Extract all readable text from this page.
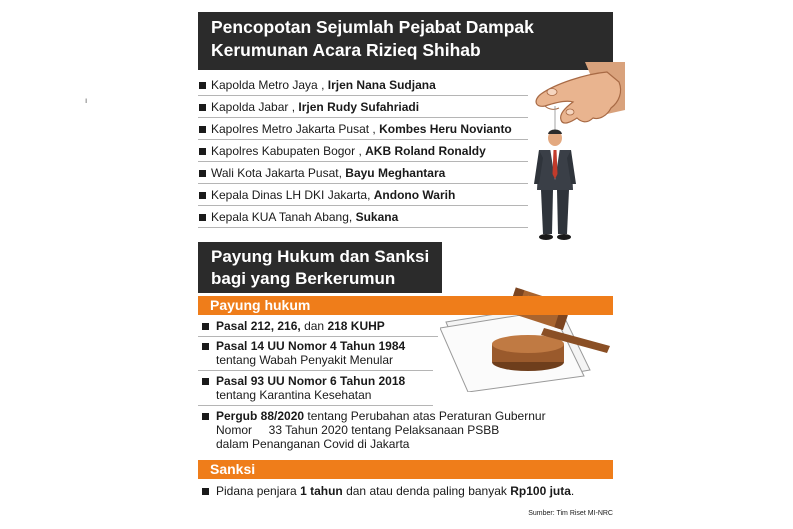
ı
Pencopotan Sejumlah Pejabat Dampak
Kerumunan Acara Rizieq Shihab
Kapolda Metro Jaya , Irjen Nana Sudjana
Kapolda Jabar , Irjen Rudy Sufahriadi
Kapolres Metro Jakarta Pusat , Kombes Heru Novianto
Kapolres Kabupaten Bogor , AKB Roland Ronaldy
Wali Kota Jakarta Pusat, Bayu Meghantara
Kepala Dinas LH DKI Jakarta, Andono Warih
Kepala KUA Tanah Abang, Sukana
Payung Hukum dan Sanksi
bagi yang Berkerumun
Payung hukum
Pasal 212, 216, dan 218 KUHP
Pasal 14 UU Nomor 4 Tahun 1984
tentang Wabah Penyakit Menular
Pasal 93 UU Nomor 6 Tahun 2018
tentang Karantina Kesehatan
Pergub 88/2020 tentang Perubahan atas Peraturan Gubernur
Nomor     33 Tahun 2020 tentang Pelaksanaan PSBB
dalam Penanganan Covid di Jakarta
Sanksi
Pidana penjara 1 tahun dan atau denda paling banyak Rp100 juta.
Sumber: Tim Riset MI-NRC
